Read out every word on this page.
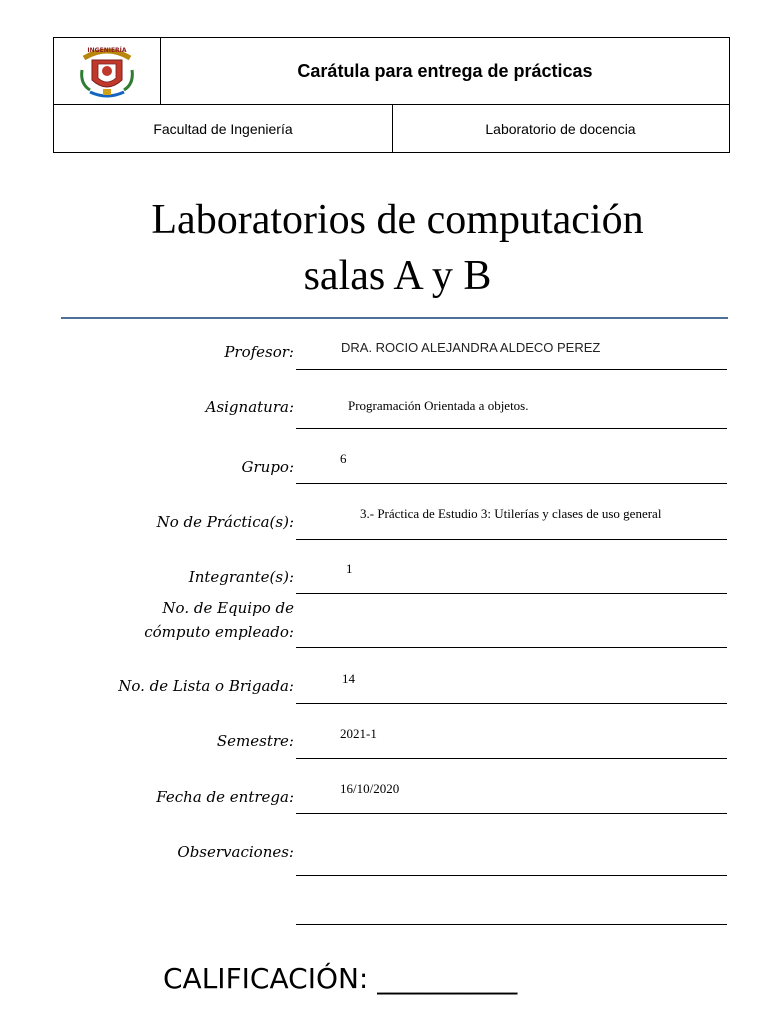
INGENIERÍA
Carátula para entrega de prácticas
Facultad de Ingeniería	Laboratorio de docencia
Laboratorios de computación
salas A y B
Profesor:	DRA. ROCIO ALEJANDRA ALDECO PEREZ
Asignatura:	Programación Orientada a objetos.
Grupo:	6
No de Práctica(s):	3.- Práctica de Estudio 3: Utilerías y clases de uso general
Integrante(s):	1
No. de Equipo de
cómputo empleado:
No. de Lista o Brigada:	14
Semestre:	2021-1
Fecha de entrega:	16/10/2020
Observaciones:
CALIFICACIÓN: __________
